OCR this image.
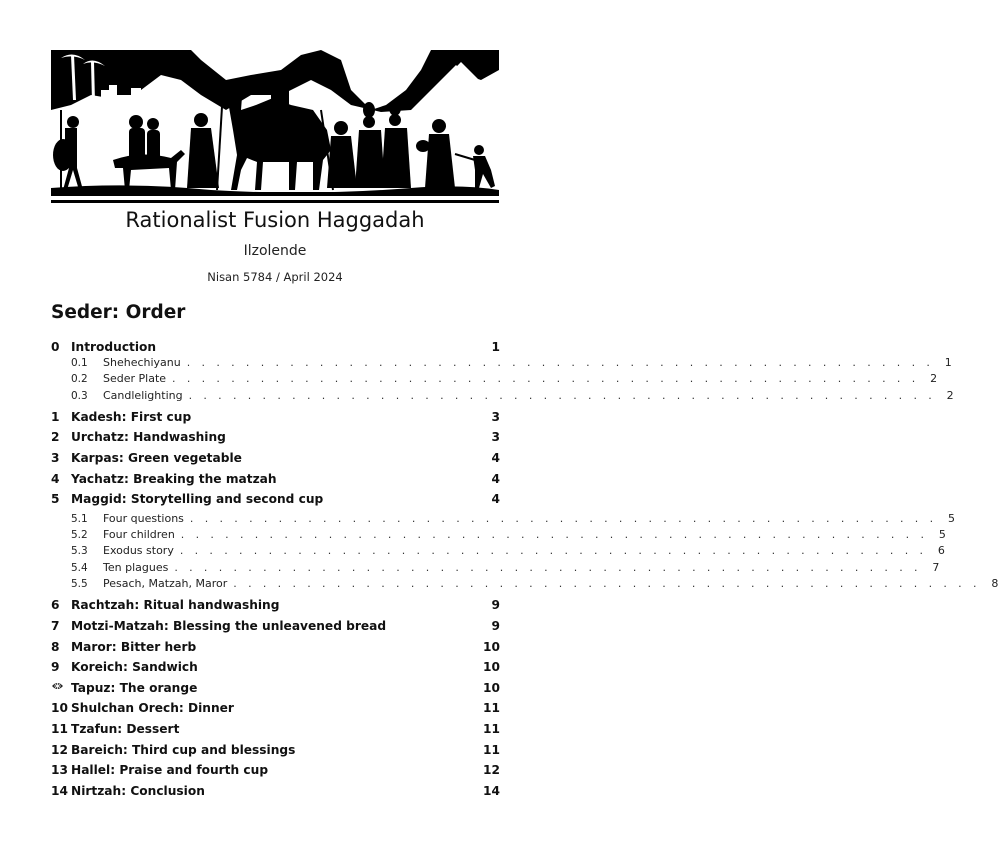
Rationalist Fusion Haggadah
Ilzolende
Nisan 5784 / April 2024
Seder: Order
0 Introduction	1
0.1	Shehechiyanu . . . . . . . . . . . . . . . . . . . . . . . . . . . . . . . . . . . . . . . . . . . . . . . . . . .	1
0.2	Seder Plate . . . . . . . . . . . . . . . . . . . . . . . . . . . . . . . . . . . . . . . . . . . . . . . . . . .	2
0.3	Candlelighting . . . . . . . . . . . . . . . . . . . . . . . . . . . . . . . . . . . . . . . . . . . . . . . . . . .	2
1 Kadesh: First cup	3
2 Urchatz: Handwashing	3
3 Karpas: Green vegetable	4
4 Yachatz: Breaking the matzah	4
5 Maggid: Storytelling and second cup	4
5.1	Four questions . . . . . . . . . . . . . . . . . . . . . . . . . . . . . . . . . . . . . . . . . . . . . . . . . . .	5
5.2	Four children . . . . . . . . . . . . . . . . . . . . . . . . . . . . . . . . . . . . . . . . . . . . . . . . . . .	5
5.3	Exodus story . . . . . . . . . . . . . . . . . . . . . . . . . . . . . . . . . . . . . . . . . . . . . . . . . . .	6
5.4	Ten plagues . . . . . . . . . . . . . . . . . . . . . . . . . . . . . . . . . . . . . . . . . . . . . . . . . . .	7
5.5	Pesach, Matzah, Maror . . . . . . . . . . . . . . . . . . . . . . . . . . . . . . . . . . . . . . . . . . . . . . . . . . .	8
6 Rachtzah: Ritual handwashing	9
7 Motzi-Matzah: Blessing the unleavened bread	9
8 Maror: Bitter herb	10
9 Koreich: Sandwich	10
Tapuz: The orange	10
10 Shulchan Orech: Dinner	11
11 Tzafun: Dessert	11
12 Bareich: Third cup and blessings	11
13 Hallel: Praise and fourth cup	12
14 Nirtzah: Conclusion	14
